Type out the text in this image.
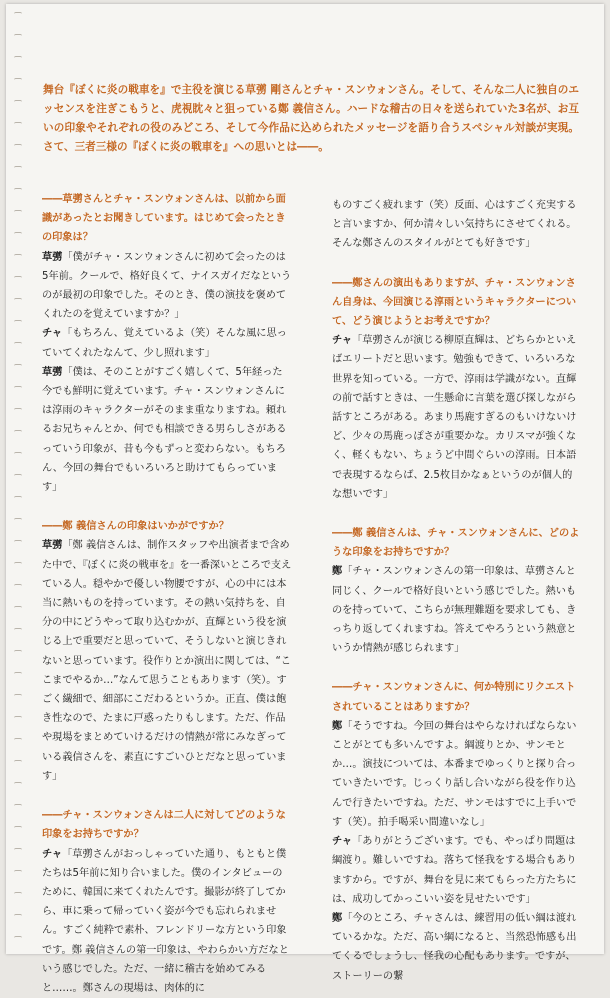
舞台『ぼくに炎の戦車を』で主役を演じる草彅 剛さんとチャ・スンウォンさん。そして、そんな二人に独自のエッセンスを注ぎこもうと、虎視眈々と狙っている鄭 義信さん。ハードな稽古の日々を送られていた3名が、お互いの印象やそれぞれの役のみどころ、そして今作品に込められたメッセージを語り合うスペシャル対談が実現。さて、三者三様の『ぼくに炎の戦車を』への思いとは――。

――草彅さんとチャ・スンウォンさんは、以前から面識があったとお聞きしています。はじめて会ったときの印象は？

草彅「僕がチャ・スンウォンさんに初めて会ったのは5年前。クールで、格好良くて、ナイスガイだなというのが最初の印象でした。そのとき、僕の演技を褒めてくれたのを覚えていますか？」

チャ「もちろん、覚えているよ（笑）そんな風に思っていてくれたなんて、少し照れます」

草彅「僕は、そのことがすごく嬉しくて、5年経った今でも鮮明に覚えています。チャ・スンウォンさんには淳雨のキャラクターがそのまま重なりますね。頼れるお兄ちゃんとか、何でも相談できる男らしさがあるっていう印象が、昔も今もずっと変わらない。もちろん、今回の舞台でもいろいろと助けてもらっています」

――鄭 義信さんの印象はいかがですか？

草彅「鄭 義信さんは、制作スタッフや出演者まで含めた中で、『ぼくに炎の戦車を』を一番深いところで支えている人。穏やかで優しい物腰ですが、心の中には本当に熱いものを持っています。その熱い気持ちを、自分の中にどうやって取り込むかが、直輝という役を演じる上で重要だと思っていて、そうしないと演じきれないと思っています。役作りとか演出に関しては、“ここまでやるか…”なんて思うこともあります（笑）。すごく繊細で、細部にこだわるというか。正直、僕は飽き性なので、たまに戸惑ったりもします。ただ、作品や現場をまとめていけるだけの情熱が常にみなぎっている義信さんを、素直にすごいひとだなと思っています」

――チャ・スンウォンさんは二人に対してどのような印象をお持ちですか？

チャ「草彅さんがおっしゃっていた通り、もともと僕たちは5年前に知り合いました。僕のインタビューのために、韓国に来てくれたんです。撮影が終了してから、車に乗って帰っていく姿が今でも忘れられません。すごく純粋で素朴、フレンドリーな方という印象です。鄭 義信さんの第一印象は、やわらかい方だなという感じでした。ただ、一緒に稽古を始めてみると……。鄭さんの現場は、肉体的に

ものすごく疲れます（笑）反面、心はすごく充実すると言いますか、何か清々しい気持ちにさせてくれる。そんな鄭さんのスタイルがとても好きです」

――鄭さんの演出もありますが、チャ・スンウォンさん自身は、今回演じる淳雨というキャラクターについて、どう演じようとお考えですか？

チャ「草彅さんが演じる柳原直輝は、どちらかといえばエリートだと思います。勉強もできて、いろいろな世界を知っている。一方で、淳雨は学識がない。直輝の前で話すときは、一生懸命に言葉を選び探しながら話すところがある。あまり馬鹿すぎるのもいけないけど、少々の馬鹿っぽさが重要かな。カリスマが強くなく、軽くもない、ちょうど中間ぐらいの淳雨。日本語で表現するならば、2.5枚目かなぁというのが個人的な想いです」

――鄭 義信さんは、チャ・スンウォンさんに、どのような印象をお持ちですか？

鄭「チャ・スンウォンさんの第一印象は、草彅さんと同じく、クールで格好良いという感じでした。熱いものを持っていて、こちらが無理難題を要求しても、きっちり返してくれますね。答えてやろうという熱意というか情熱が感じられます」

――チャ・スンウォンさんに、何か特別にリクエストされていることはありますか？

鄭「そうですね。今回の舞台はやらなければならないことがとても多いんですよ。綱渡りとか、サンモとか…。演技については、本番までゆっくりと探り合っていきたいです。じっくり話し合いながら役を作り込んで行きたいですね。ただ、サンモはすでに上手いです（笑）。拍手喝采い間違いなし」

チャ「ありがとうございます。でも、やっぱり問題は綱渡り。難しいですね。落ちて怪我をする場合もありますから。ですが、舞台を見に来てもらった方たちには、成功してかっこいい姿を見せたいです」

鄭「今のところ、チャさんは、練習用の低い綱は渡れているかな。ただ、高い綱になると、当然恐怖感も出てくるでしょうし、怪我の心配もあります。ですが、ストーリーの繋
